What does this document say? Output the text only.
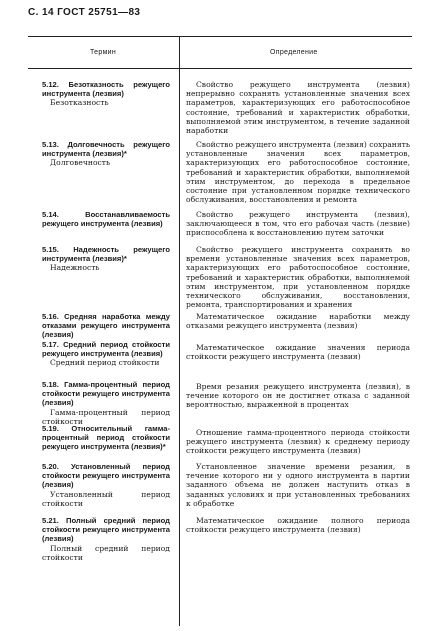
С. 14 ГОСТ 25751—83
Термин	Определение
5.12. Безотказность режущего инструмента (лезвия)
Безотказность
Свойство режущего инструмента (лезвия) непрерывно сохранять установленные значения всех параметров, характеризующих его работоспособное состояние, требований и характеристик обработки, выполняемой этим инструментом, в течение заданной наработки
5.13. Долговечность режущего инструмента (лезвия)*
Долговечность
Свойство режущего инструмента (лезвия) сохранять установленные значения всех параметров, характеризующих его работоспособное состояние, требований и характеристик обработки, выполняемой этим инструментом, до перехода в предельное состояние при установленном порядке технического обслуживания, восстановления и ремонта
5.14. Восстанавливаемость режущего инструмента (лезвия)
Свойство режущего инструмента (лезвия), заключающееся в том, что его рабочая часть (лезвие) приспособлена к восстановлению путем заточки
5.15. Надежность режущего инструмента (лезвия)*
Надежность
Свойство режущего инструмента сохранять во времени установленные значения всех параметров, характеризующих его работоспособное состояние, требований и характеристик обработки, выполняемой этим инструментом, при установленном порядке технического обслуживания, восстановления, ремонта, транспортирования и хранения
5.16. Средняя наработка между отказами режущего инструмента (лезвия)
Математическое ожидание наработки между отказами режущего инструмента (лезвия)
5.17. Средний период стойкости режущего инструмента (лезвия)
Средний период стойкости
Математическое ожидание значения периода стойкости режущего инструмента (лезвия)
5.18. Гамма-процентный период стойкости режущего инструмента (лезвия)
Гамма-процентный период стойкости
Время резания режущего инструмента (лезвия), в течение которого он не достигнет отказа с заданной вероятностью, выраженной в процентах
5.19. Относительный гамма-процентный период стойкости режущего инструмента (лезвия)*
Отношение гамма-процентного периода стойкости режущего инструмента (лезвия) к среднему периоду стойкости режущего инструмента (лезвия)
5.20. Установленный период стойкости режущего инструмента (лезвия)
Установленный период стойкости
Установленное значение времени резания, в течение которого ни у одного инструмента в партии заданного объема не должен наступить отказ в заданных условиях и при установленных требованиях к обработке
5.21. Полный средний период стойкости режущего инструмента (лезвия)
Полный средний период стойкости
Математическое ожидание полного периода стойкости режущего инструмента (лезвия)
